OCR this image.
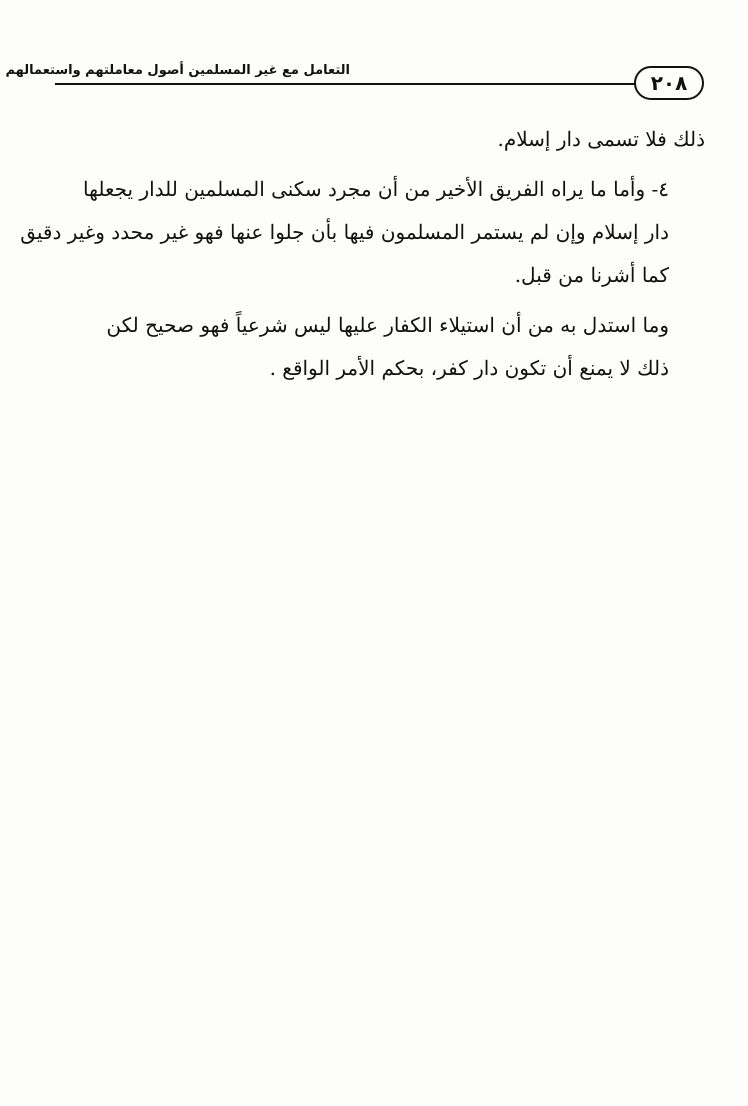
التعامل مع غير المسلمين أصول معاملتهم واستعمالهم
٢٠٨

ذلك فلا تسمى دار إسلام.

٤- وأما ما يراه الفريق الأخير من أن مجرد سكنى المسلمين للدار يجعلها
دار إسلام وإن لم يستمر المسلمون فيها بأن جلوا عنها فهو غير محدد وغير دقيق
كما أشرنا من قبل.

وما استدل به من أن استيلاء الكفار عليها ليس شرعياً فهو صحيح لكن
ذلك لا يمنع أن تكون دار كفر، بحكم الأمر الواقع .
